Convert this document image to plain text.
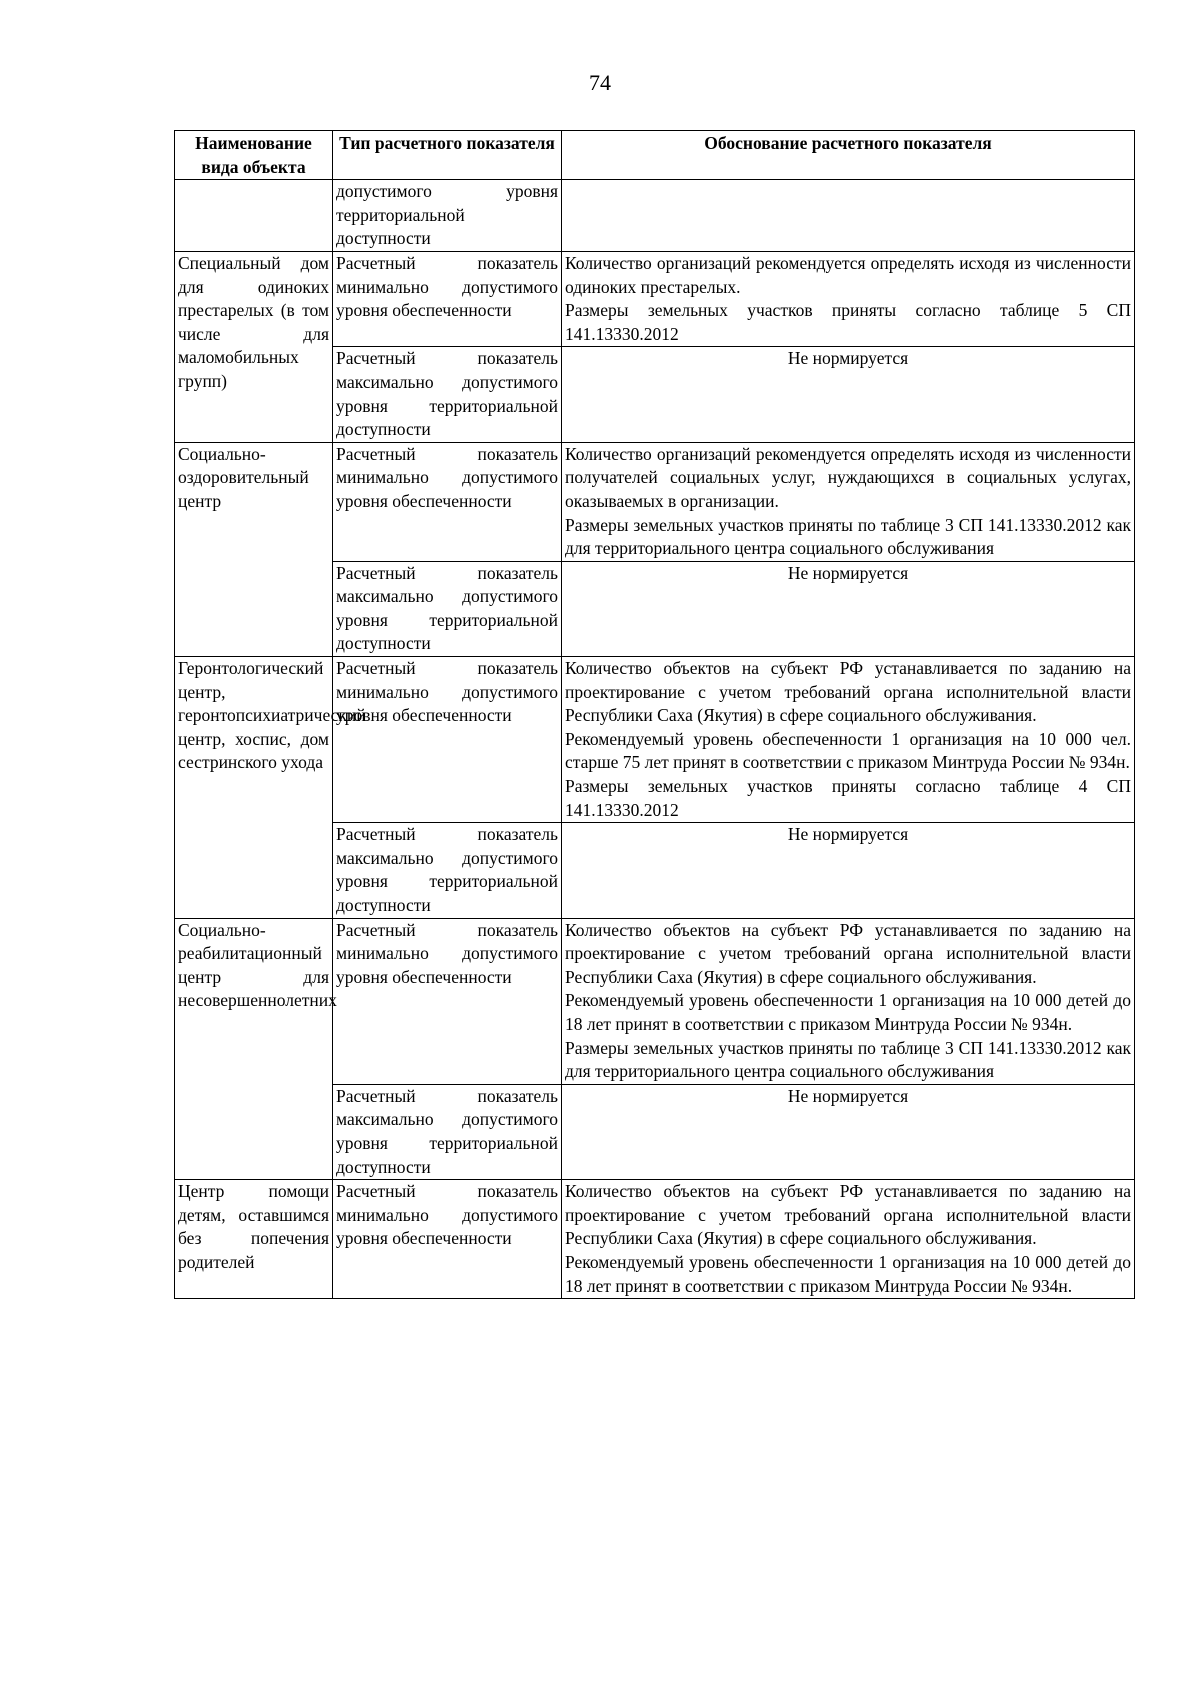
74
Наименование вида объекта	Тип расчетного показателя	Обоснование расчетного показателя
	допустимого уровня территориальной доступности	
Специальный дом для одиноких престарелых (в том числе для маломобильных групп)	Расчетный показатель минимально допустимого уровня обеспеченности	Количество организаций рекомендуется определять исходя из численности одиноких престарелых.

Размеры земельных участков приняты согласно таблице 5 СП 141.13330.2012

	Расчетный показатель максимально допустимого уровня территориальной доступности	Не нормируется
Социально-оздоровительный центр	Расчетный показатель минимально допустимого уровня обеспеченности	Количество организаций рекомендуется определять исходя из численности получателей социальных услуг, нуждающихся в социальных услугах, оказываемых в организации.

Размеры земельных участков приняты по таблице 3 СП 141.13330.2012 как для территориального центра социального обслуживания

	Расчетный показатель максимально допустимого уровня территориальной доступности	Не нормируется
Геронтологический центр, геронтопсихиатрический центр, хоспис, дом сестринского ухода	Расчетный показатель минимально допустимого уровня обеспеченности	Количество объектов на субъект РФ устанавливается по заданию на проектирование с учетом требований органа исполнительной власти Республики Саха (Якутия) в сфере социального обслуживания.

Рекомендуемый уровень обеспеченности 1 организация на 10 000 чел. старше 75 лет принят в соответствии с приказом Минтруда России № 934н.

Размеры земельных участков приняты согласно таблице 4 СП 141.13330.2012

	Расчетный показатель максимально допустимого уровня территориальной доступности	Не нормируется
Социально-реабилитационный центр для несовершеннолетних	Расчетный показатель минимально допустимого уровня обеспеченности	Количество объектов на субъект РФ устанавливается по заданию на проектирование с учетом требований органа исполнительной власти Республики Саха (Якутия) в сфере социального обслуживания.

Рекомендуемый уровень обеспеченности 1 организация на 10 000 детей до 18 лет принят в соответствии с приказом Минтруда России № 934н.

Размеры земельных участков приняты по таблице 3 СП 141.13330.2012 как для территориального центра социального обслуживания

	Расчетный показатель максимально допустимого уровня территориальной доступности	Не нормируется
Центр помощи детям, оставшимся без попечения родителей	Расчетный показатель минимально допустимого уровня обеспеченности	Количество объектов на субъект РФ устанавливается по заданию на проектирование с учетом требований органа исполнительной власти Республики Саха (Якутия) в сфере социального обслуживания.

Рекомендуемый уровень обеспеченности 1 организация на 10 000 детей до 18 лет принят в соответствии с приказом Минтруда России № 934н.
